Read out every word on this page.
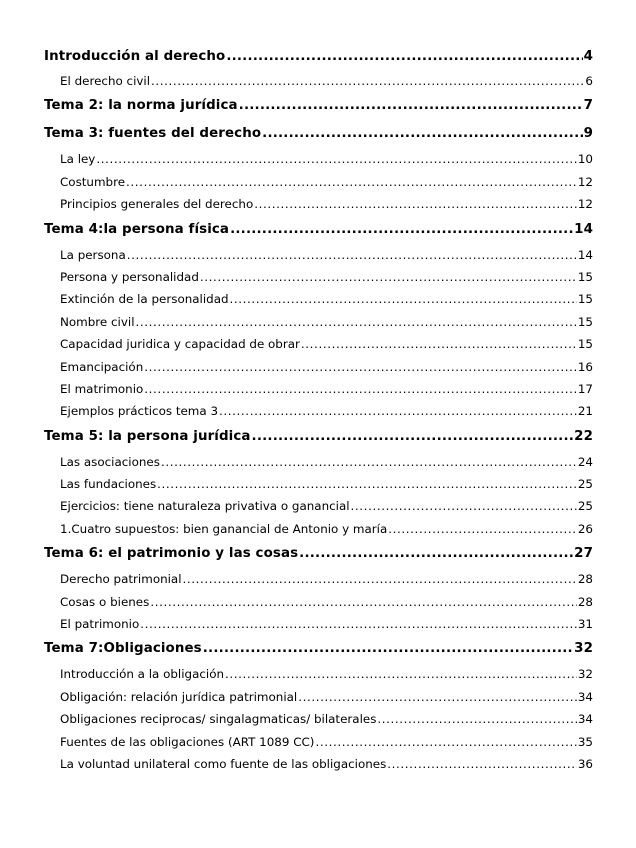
Introducción al derecho .....	4
El derecho civil .....	6
Tema 2: la norma jurídica .....	7
Tema 3: fuentes del derecho .....	9
La ley .....	10
Costumbre .....	12
Principios generales del derecho .....	12
Tema 4:la persona física .....	14
La persona .....	14
Persona y personalidad .....	15
Extinción de la personalidad .....	15
Nombre civil .....	15
Capacidad juridica y capacidad de obrar .....	15
Emancipación .....	16
El matrimonio .....	17
Ejemplos prácticos tema 3 .....	21
Tema 5: la persona jurídica .....	22
Las asociaciones .....	24
Las fundaciones .....	25
Ejercicios: tiene naturaleza privativa o ganancial .....	25
1. Cuatro supuestos: bien ganancial de Antonio y maría .....	26
Tema 6: el patrimonio y las cosas .....	27
Derecho patrimonial .....	28
Cosas o bienes .....	28
El patrimonio .....	31
Tema 7:Obligaciones .....	32
Introducción a la obligación .....	32
Obligación: relación jurídica patrimonial .....	34
Obligaciones reciprocas/ singalagmaticas/ bilaterales .....	34
Fuentes de las obligaciones (ART 1089 CC) .....	35
La voluntad unilateral como fuente de las obligaciones .....	36
